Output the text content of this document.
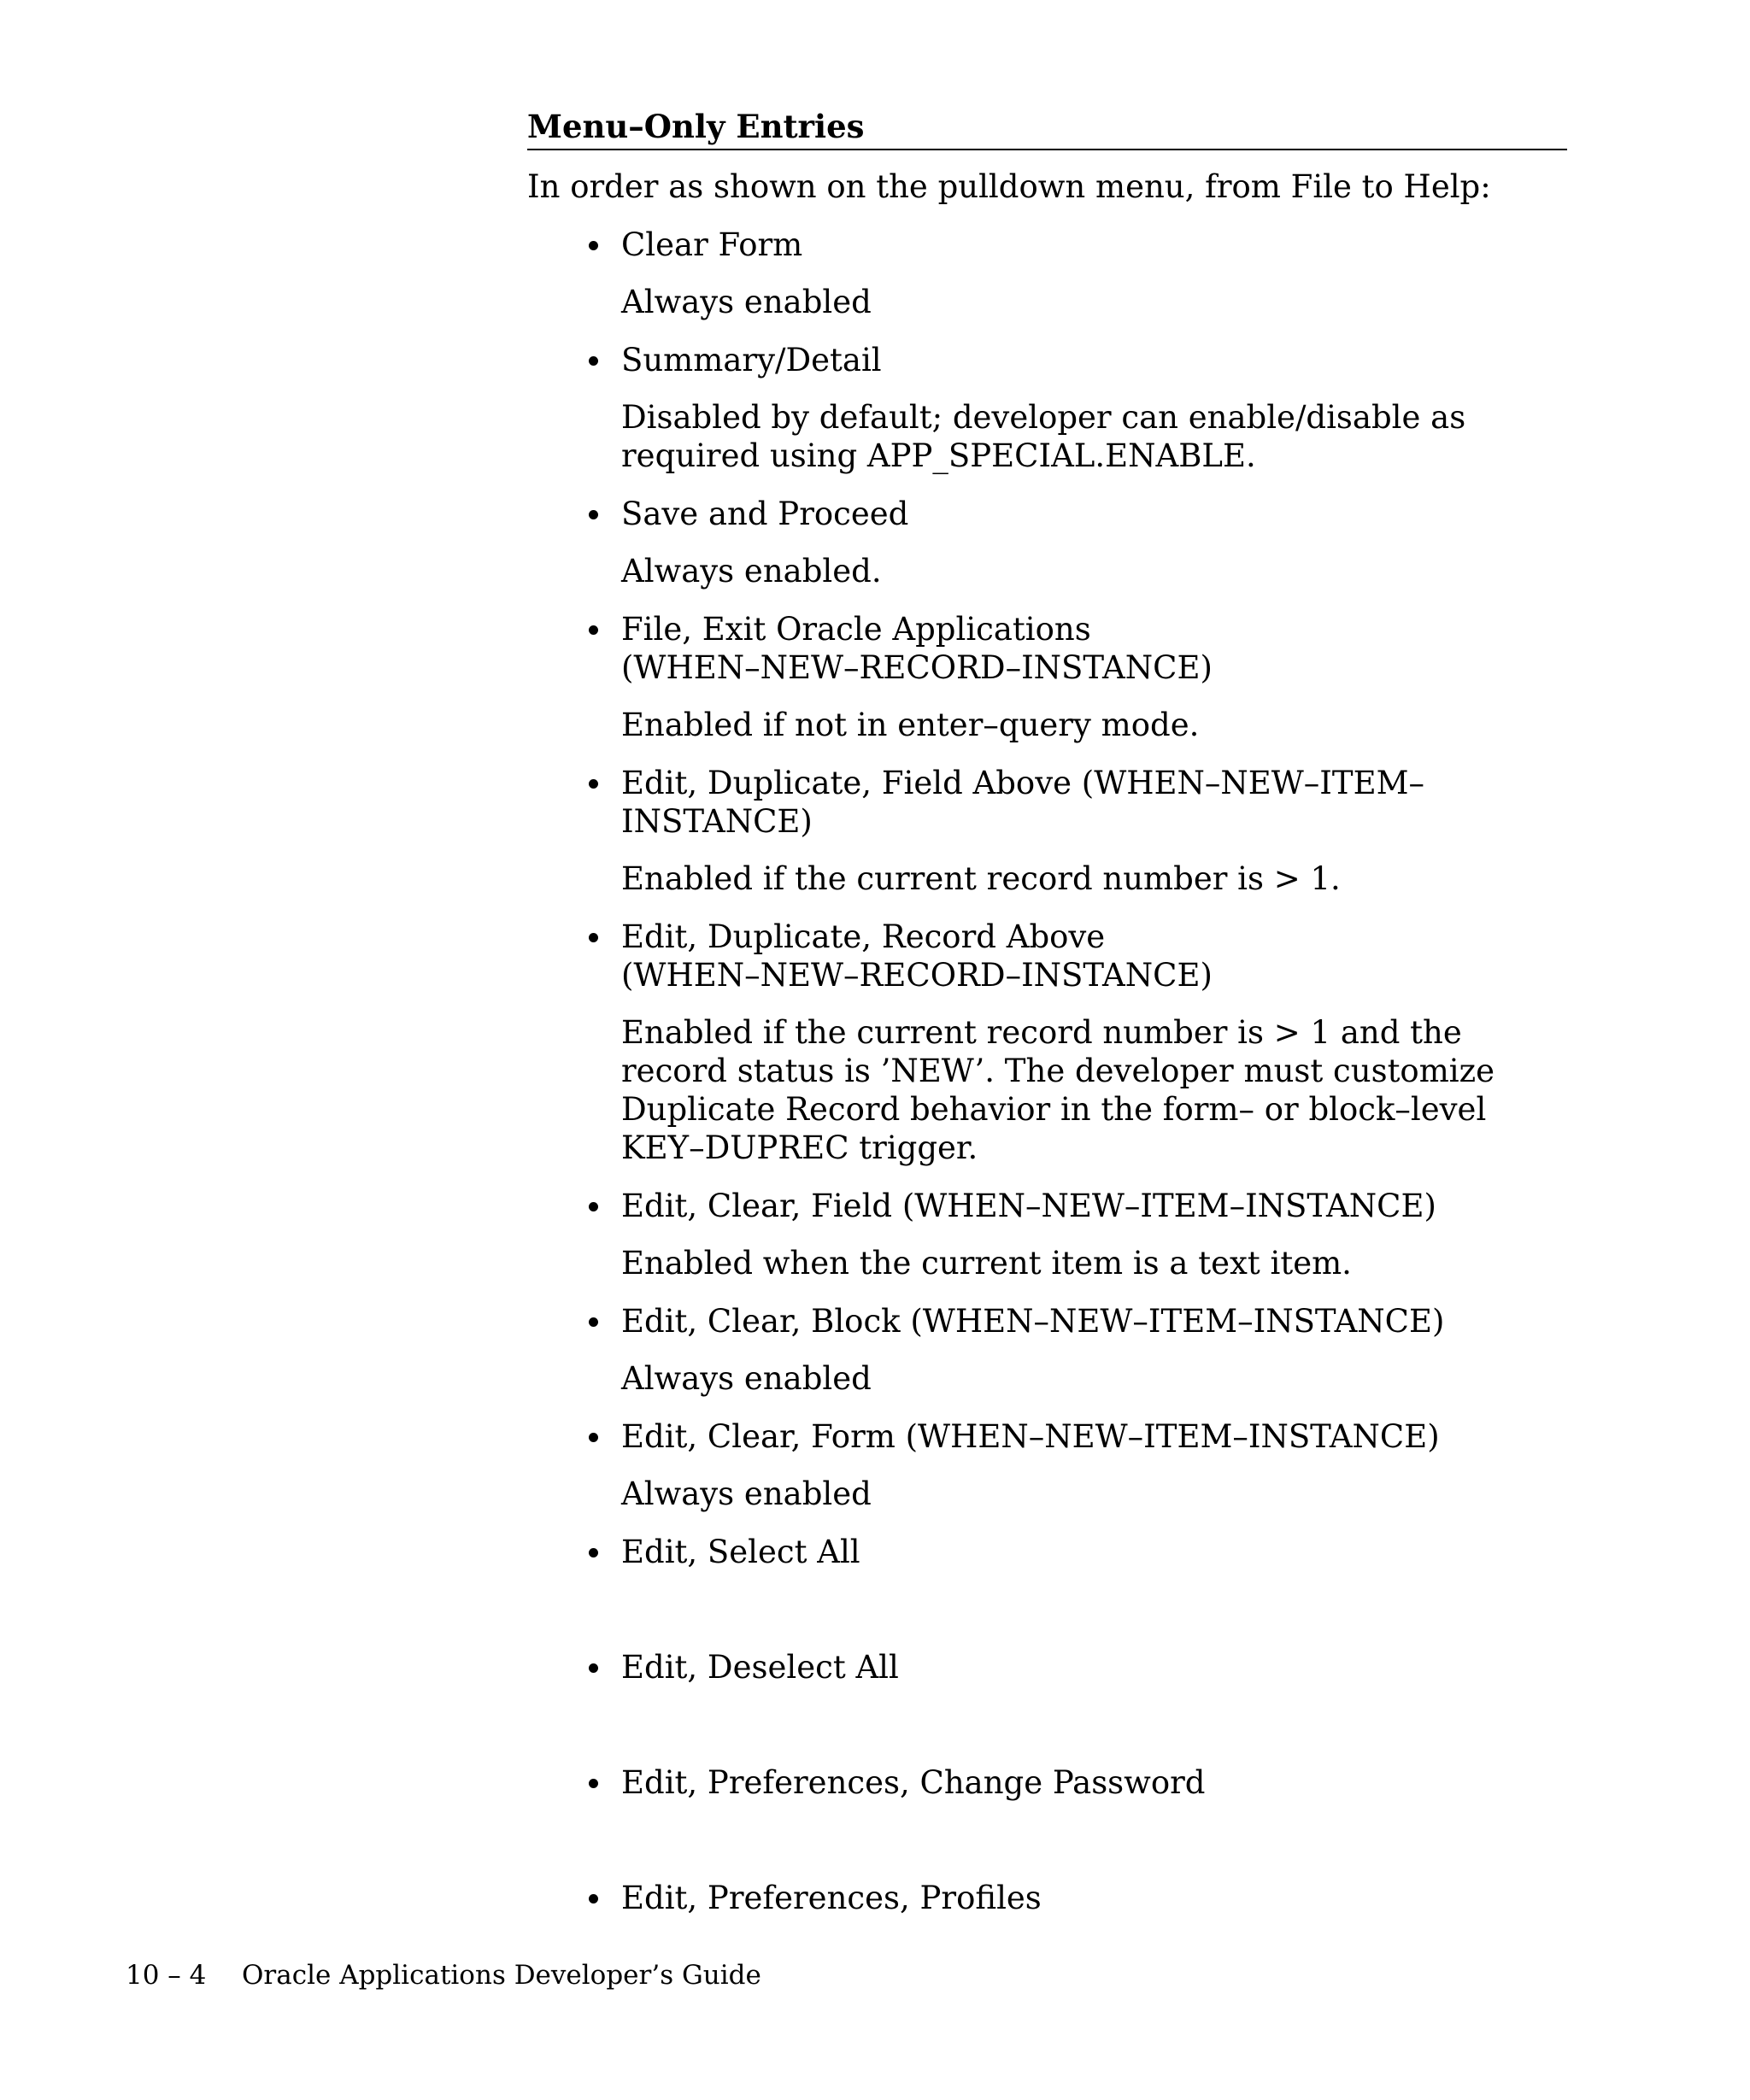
Menu–Only Entries

In order as shown on the pulldown menu, from File to Help:

Clear Form
Always enabled
Summary/Detail
Disabled by default; developer can enable/disable as required using APP_SPECIAL.ENABLE.
Save and Proceed
Always enabled.
File, Exit Oracle Applications
(WHEN–NEW–RECORD–INSTANCE)
Enabled if not in enter–query mode.
Edit, Duplicate, Field Above (WHEN–NEW–ITEM–INSTANCE)
Enabled if the current record number is > 1.
Edit, Duplicate, Record Above
(WHEN–NEW–RECORD–INSTANCE)
Enabled if the current record number is > 1 and the record status is ’NEW’. The developer must customize Duplicate Record behavior in the form– or block–level KEY–DUPREC trigger.
Edit, Clear, Field (WHEN–NEW–ITEM–INSTANCE)
Enabled when the current item is a text item.
Edit, Clear, Block (WHEN–NEW–ITEM–INSTANCE)
Always enabled
Edit, Clear, Form (WHEN–NEW–ITEM–INSTANCE)
Always enabled
Edit, Select All
Edit, Deselect All
Edit, Preferences, Change Password
Edit, Preferences, Profiles
10 – 4 Oracle Applications Developer’s Guide
